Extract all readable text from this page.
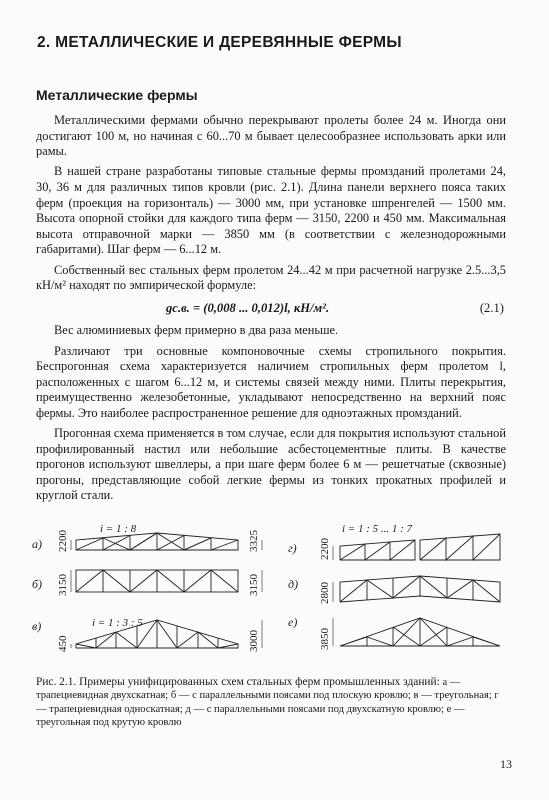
2. МЕТАЛЛИЧЕСКИЕ И ДЕРЕВЯННЫЕ ФЕРМЫ
Металлические фермы

Металлическими фермами обычно перекрывают пролеты более 24 м. Иногда они достигают 100 м, но начиная с 60...70 м бывает целесообразнее использовать арки или рамы.

В нашей стране разработаны типовые стальные фермы промзданий пролетами 24, 30, 36 м для различных типов кровли (рис. 2.1). Длина панели верхнего пояса таких ферм (проекция на горизонталь) — 3000 мм, при установке шпренгелей — 1500 мм. Высота опорной стойки для каждого типа ферм — 3150, 2200 и 450 мм. Максимальная высота отправочной марки — 3850 мм (в соответствии с железнодорожными габаритами). Шаг ферм — 6...12 м.

Собственный вес стальных ферм пролетом 24...42 м при расчетной нагрузке 2.5...3,5 кН/м² находят по эмпирической формуле:

gс.в. = (0,008 ... 0,012)l, кН/м².	(2.1)

Вес алюминиевых ферм примерно в два раза меньше.

Различают три основные компоновочные схемы стропильного покрытия. Беспрогонная схема характеризуется наличием стропильных ферм пролетом l, расположенных с шагом 6...12 м, и системы связей между ними. Плиты перекрытия, преимущественно железобетонные, укладывают непосредственно на верхний пояс фермы. Это наиболее распространенное решение для одноэтажных промзданий.

Прогонная схема применяется в том случае, если для покрытия используют стальной профилированный настил или небольшие асбестоцементные плиты. В качестве прогонов используют швеллеры, а при шаге ферм более 6 м — решетчатые (сквозные) прогоны, представляющие собой легкие фермы из тонких прокатных профилей и круглой стали.

а)
б)
в)
i = 1 : 8
i = 1 : 3 : 5
i = 1 : 5 ... 1 : 7
2200	3325
3150	3150
450	3000
г)
д)
е)
2200
2800
3850
Рис. 2.1. Примеры унифицированных схем стальных ферм промышленных зданий: а — трапециевидная двухскатная; б — с параллельными поясами под плоскую кровлю; в — треугольная; г — трапециевидная односкатная; д — с параллельными поясами под двухскатную кровлю; е — треугольная под крутую кровлю
13
